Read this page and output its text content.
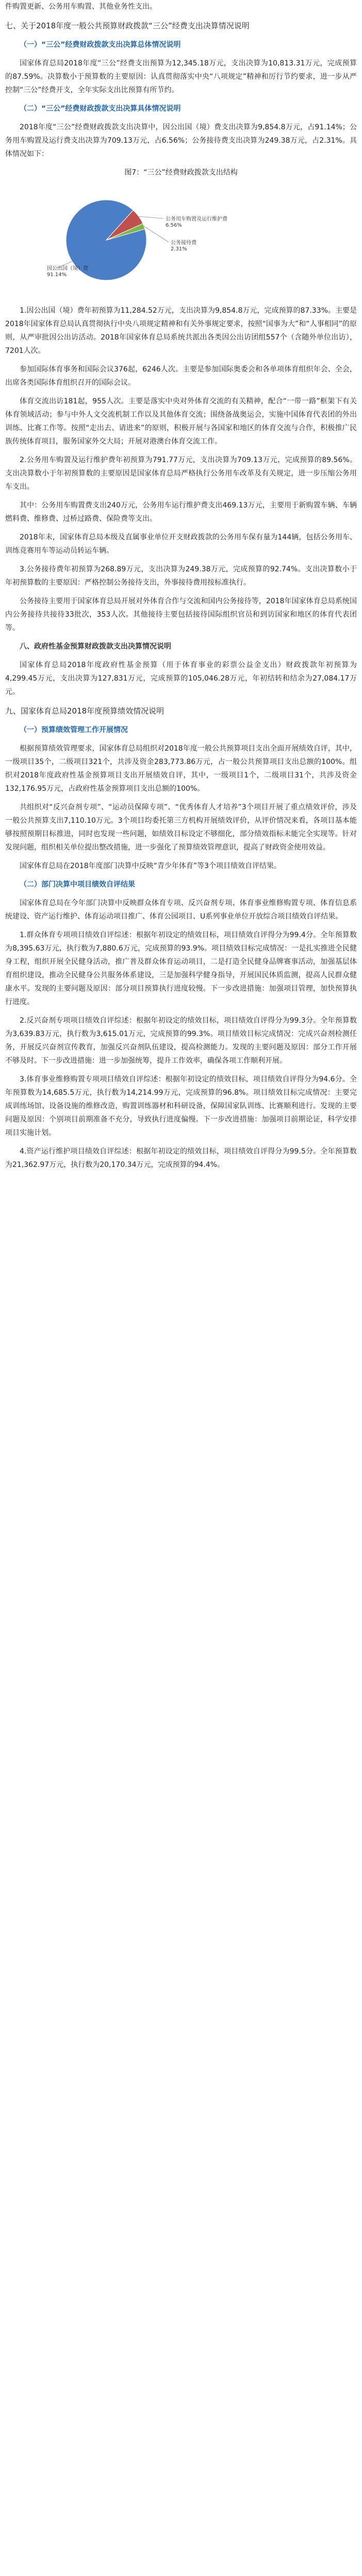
件购置更新、公务用车购置、其他业务性支出。

七、关于2018年度一般公共预算财政拨款“三公”经费支出决算情况说明

（一）“三公”经费财政拨款支出决算总体情况说明

国家体育总局2018年度“三公”经费支出预算为12,345.18万元，支出决算为10,813.31万元，完成预算的87.59%。决算数小于预算数的主要原因：认真贯彻落实中央“八项规定”精神和厉行节约要求，进一步从严控制“三公”经费开支，全年实际支出比预算有所节约。

（二）“三公”经费财政拨款支出决算具体情况说明

2018年度“三公”经费财政拨款支出决算中，因公出国（境）费支出决算为9,854.8万元，占91.14%；公务用车购置及运行费支出决算为709.13万元，占6.56%；公务接待费支出决算为249.38万元，占2.31%。具体情况如下：

图7：“三公”经费财政拨款支出结构

因公出国（境）费 91.14%
公务用车购置及运行维护费 6.56%
公务接待费 2.31%

1.因公出国（境）费年初预算为11,284.52万元，支出决算为9,854.8万元，完成预算的87.33%。主要是2018年国家体育总局认真贯彻执行中央八项规定精神和有关外事规定要求，按照“国事为大”和“人事相同”的原则，从严审批因公出访活动。2018年国家体育总局系统共派出各类因公出访团组557个（含随外单位出访），7201人次。

参加国际体育事务和国际会议376起，6246人次。主要是参加国际奥委会和各单项体育组织年会、全会，出席各类国际体育组织召开的国际会议。

体育交流出访181起，955人次。主要是落实中央对外体育交流的有关精神，配合“一带一路”框架下有关体育领域活动；参与中外人文交流机制工作以及其他体育交流；围绕备战奥运会，实施中国体育代表团的外出训练、比赛工作等。按照“走出去、请进来”的原则，积极开展与各国家和地区的体育交流与合作，积极推广民族传统体育项目，服务国家外交大局；开展对港澳台体育交流工作。

2.公务用车购置及运行维护费年初预算为791.77万元，支出决算为709.13万元，完成预算的89.56%。支出决算数小于年初预算数的主要原因是国家体育总局严格执行公务用车改革及有关规定，进一步压缩公务用车支出。

其中：公务用车购置费支出240万元，公务用车运行维护费支出469.13万元，主要用于新购置车辆、车辆燃料费、维修费、过桥过路费、保险费等支出。

2018年末，国家体育总局本级及直属事业单位开支财政拨款的公务用车保有量为144辆，包括公务用车、训练竞赛用车等运动员转运车辆。

3.公务接待费年初预算为268.89万元，支出决算为249.38万元，完成预算的92.74%。支出决算数小于年初预算数的主要原因：严格控制公务接待支出，外事接待费用按标准执行。

公务接待主要用于国家体育总局开展对外体育合作与交流和国内公务接待等，2018年国家体育总局系统国内公务接待共接待33批次，353人次。其他接待主要包括接待国际组织官员和到访国家和地区的体育代表团等。

八、政府性基金预算财政拨款支出决算情况说明

国家体育总局2018年度政府性基金预算（用于体育事业的彩票公益金支出）财政拨款年初预算为4,299.45万元，支出决算为127,831万元，完成预算的105,046.28万元，年初结转和结余为27,084.17万元。

九、国家体育总局2018年度预算绩效情况说明

（一）预算绩效管理工作开展情况

根据预算绩效管理要求，国家体育总局组织对2018年度一般公共预算项目支出全面开展绩效自评，其中，一级项目35个，二级项目321个，共涉及资金283,773.86万元，占一般公共预算项目支出总额的100%。组织对2018年度政府性基金预算项目支出开展绩效自评，其中，一级项目1个，二级项目31个，共涉及资金132,176.95万元，占政府性基金预算项目支出总额的100%。

共组织对“反兴奋剂专项”、“运动员保障专项”、“优秀体育人才培养”3个项目开展了重点绩效评价，涉及一般公共预算支出7,110.10万元。3个项目均委托第三方机构开展绩效评价，从评价情况来看，各项目基本能够按照预期目标推进，同时也发现一些问题，如绩效目标设定不够细化，部分绩效指标未能完全实现等。针对发现问题，组织相关单位提出整改措施，进一步强化了预算绩效管理意识，提高了财政资金使用效益。

国家体育总局在2018年度部门决算中反映“青少年体育”等3个项目绩效自评结果。

（二）部门决算中项目绩效自评结果

国家体育总局在今年部门决算中反映群众体育专项、反兴奋剂专项、体育事业维修购置专项、体育信息系统建设、资产运行维护、体育运动项目推广、体育公园项目、U系列事业单位开放综合项目绩效自评结果。

1.群众体育专项项目绩效自评综述：根据年初设定的绩效目标，项目绩效自评得分为99.4分。全年预算数为8,395.63万元，执行数为7,880.6万元，完成预算的93.9%。项目绩效目标完成情况：一是扎实推进全民健身工程，组织开展全民健身活动，推广普及群众体育运动项目，二是打造全民健身品牌赛事活动，加强基层体育组织建设，推动全民健身公共服务体系建设，三是加强科学健身指导，开展国民体质监测，提高人民群众健康水平。发现的主要问题及原因：部分项目预算执行进度较慢。下一步改进措施：加强项目管理，加快预算执行进度。

2.反兴奋剂专项项目绩效自评综述：根据年初设定的绩效目标，项目绩效自评得分为99.3分。全年预算数为3,639.83万元，执行数为3,615.01万元，完成预算的99.3%。项目绩效目标完成情况：完成兴奋剂检测任务，开展反兴奋剂宣传教育，加强反兴奋剂队伍建设，提高检测能力。发现的主要问题及原因：部分工作开展不够及时。下一步改进措施：进一步加强统筹，提升工作效率，确保各项工作顺利开展。

3.体育事业维修购置专项项目绩效自评综述：根据年初设定的绩效目标，项目绩效自评得分为94.6分。全年预算数为14,685.5万元，执行数为14,214.99万元，完成预算的96.8%。项目绩效目标完成情况：主要完成训练场馆、设备设施的维修改造，购置训练器材和科研设备，保障国家队训练、比赛顺利进行。发现的主要问题及原因：个别项目前期准备不充分，导致执行进度偏慢。下一步改进措施：加强项目前期论证，科学安排项目实施计划。

4.资产运行维护项目绩效自评综述：根据年初设定的绩效目标，项目绩效自评得分为99.5分。全年预算数为21,362.97万元，执行数为20,170.34万元，完成预算的94.4%。
